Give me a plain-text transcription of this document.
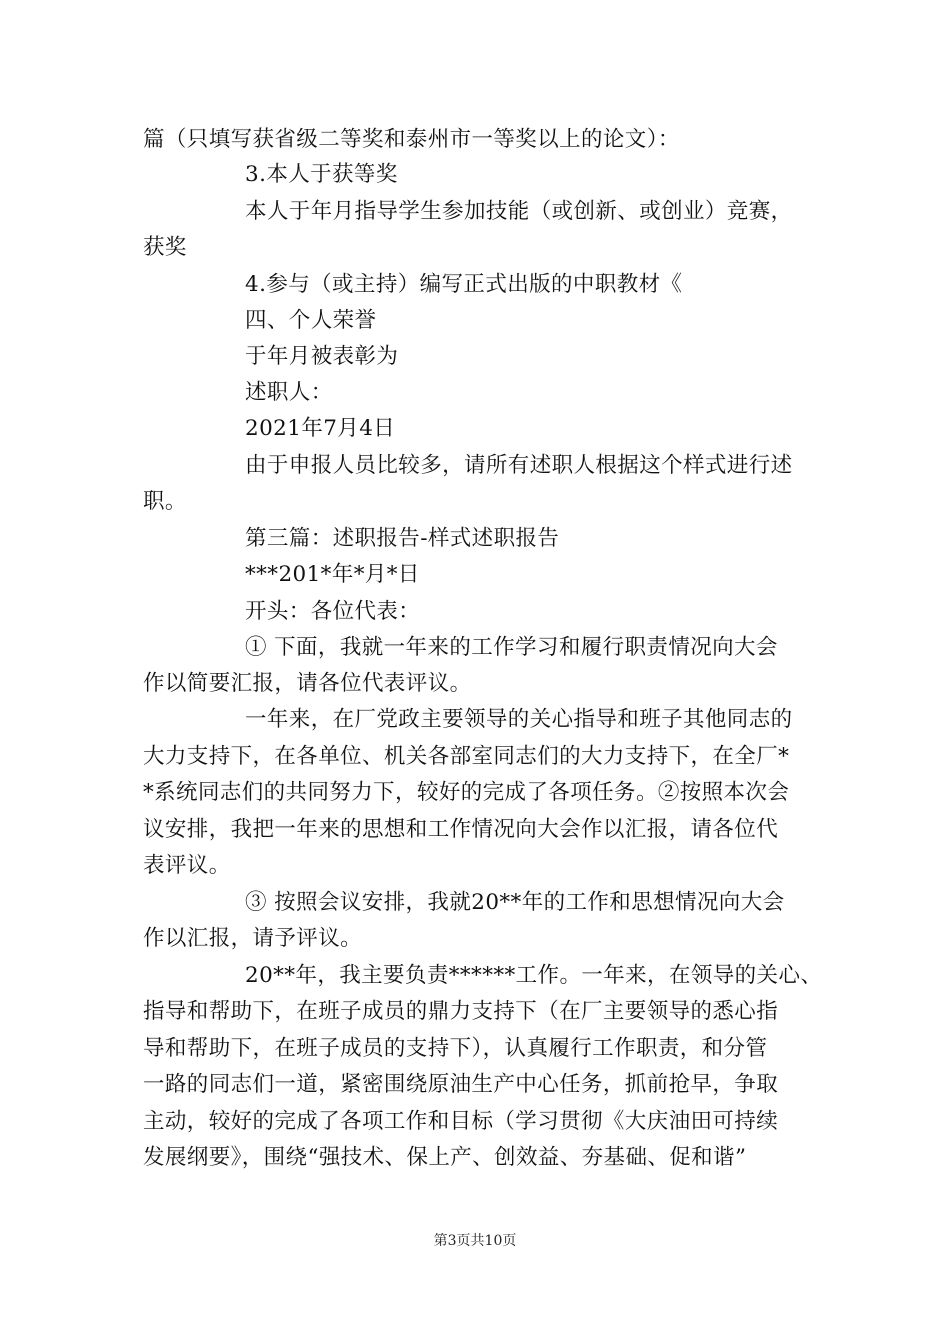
篇（只填写获省级二等奖和泰州市一等奖以上的论文）：
3.本人于获等奖
本人于年月指导学生参加技能（或创新、或创业）竞赛，
获奖
4.参与（或主持）编写正式出版的中职教材《
四、个人荣誉
于年月被表彰为
述职人：
2021年7月4日
由于申报人员比较多，请所有述职人根据这个样式进行述
职。
第三篇：述职报告-样式述职报告
***201*年*月*日
开头：各位代表：
① 下面，我就一年来的工作学习和履行职责情况向大会
作以简要汇报，请各位代表评议。
一年来，在厂党政主要领导的关心指导和班子其他同志的
大力支持下，在各单位、机关各部室同志们的大力支持下，在全厂*
*系统同志们的共同努力下，较好的完成了各项任务。②按照本次会
议安排，我把一年来的思想和工作情况向大会作以汇报，请各位代
表评议。
③ 按照会议安排，我就20**年的工作和思想情况向大会
作以汇报，请予评议。
20**年，我主要负责******工作。一年来，在领导的关心、
指导和帮助下，在班子成员的鼎力支持下（在厂主要领导的悉心指
导和帮助下，在班子成员的支持下），认真履行工作职责，和分管
一路的同志们一道，紧密围绕原油生产中心任务，抓前抢早，争取
主动，较好的完成了各项工作和目标（学习贯彻《大庆油田可持续
发展纲要》，围绕“强技术、保上产、创效益、夯基础、促和谐”
第3页共10页
